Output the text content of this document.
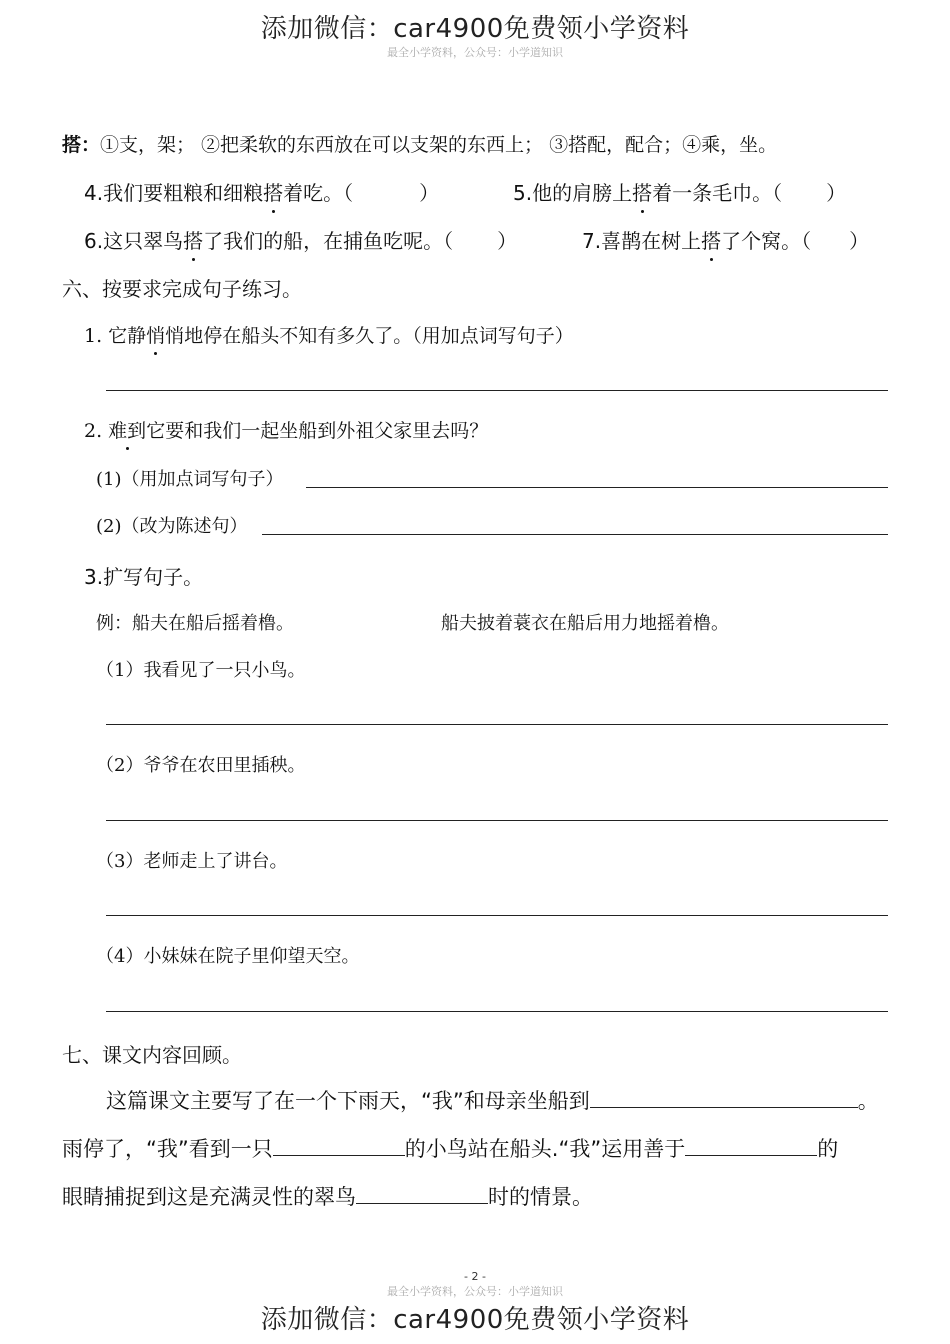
添加微信：car4900免费领小学资料
最全小学资料，公众号：小学道知识
搭：①支，架； ②把柔软的东西放在可以支架的东西上； ③搭配，配合；④乘，坐。
4.我们要粗粮和细粮搭着吃。（	）	5.他的肩膀上搭着一条毛巾。（ ）
6.这只翠鸟搭了我们的船，在捕鱼吃呢。（ ）	7.喜鹊在树上搭了个窝。（ ）
六、按要求完成句子练习。
1. 它静悄悄地停在船头不知有多久了。（用加点词写句子）
2. 难到它要和我们一起坐船到外祖父家里去吗？
(1)（用加点词写句子）
(2)（改为陈述句）
3.扩写句子。
例：船夫在船后摇着橹。	船夫披着蓑衣在船后用力地摇着橹。
（1）我看见了一只小鸟。
（2）爷爷在农田里插秧。
（3）老师走上了讲台。
（4）小妹妹在院子里仰望天空。
七、课文内容回顾。
这篇课文主要写了在一个下雨天，“我”和母亲坐船到	。
雨停了，“我”看到一只	的小鸟站在船头.“我”运用善于	的
眼睛捕捉到这是充满灵性的翠鸟	时的情景。
- 2 -
最全小学资料，公众号：小学道知识
添加微信：car4900免费领小学资料
